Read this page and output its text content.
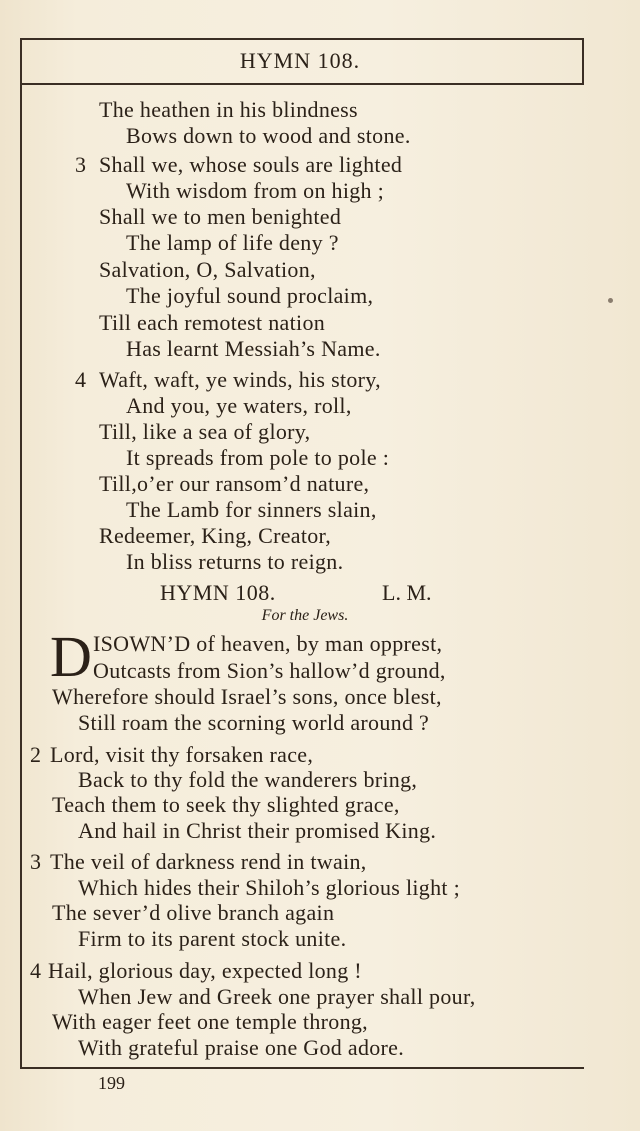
HYMN 108.
The heathen in his blindness
Bows down to wood and stone.
3 Shall we, whose souls are lighted
With wisdom from on high ;
Shall we to men benighted
The lamp of life deny ?
Salvation, O, Salvation,
The joyful sound proclaim,
Till each remotest nation
Has learnt Messiah’s Name.
4 Waft, waft, ye winds, his story,
And you, ye waters, roll,
Till, like a sea of glory,
It spreads from pole to pole :
Till,o’er our ransom’d nature,
The Lamb for sinners slain,
Redeemer, King, Creator,
In bliss returns to reign.
HYMN 108.	L. M.
For the Jews.
D ISOWN’D of heaven, by man opprest,
Outcasts from Sion’s hallow’d ground,
Wherefore should Israel’s sons, once blest,
Still roam the scorning world around ?
2 Lord, visit thy forsaken race,
Back to thy fold the wanderers bring,
Teach them to seek thy slighted grace,
And hail in Christ their promised King.
3 The veil of darkness rend in twain,
Which hides their Shiloh’s glorious light ;
The sever’d olive branch again
Firm to its parent stock unite.
4 Hail, glorious day, expected long !
When Jew and Greek one prayer shall pour,
With eager feet one temple throng,
With grateful praise one God adore.
199
